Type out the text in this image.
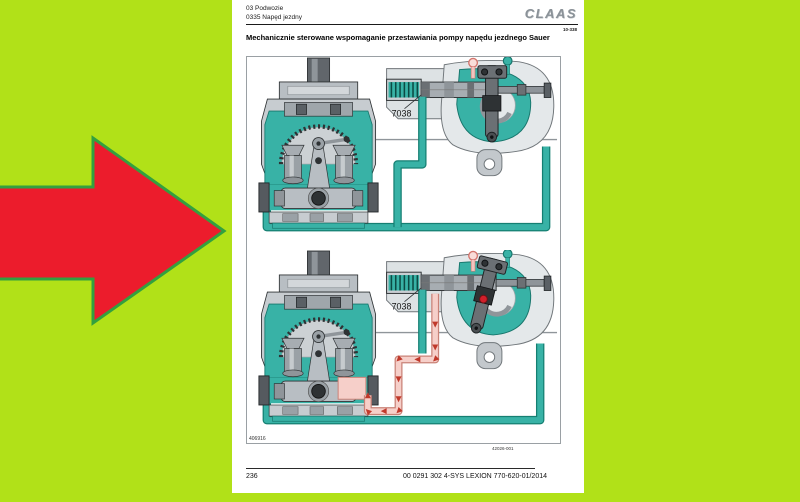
03 Podwozie
0335 Napęd jezdny	CLAAS
10-338
Mechanicznie sterowane wspomaganie przestawiania pompy napędu jezdnego Sauer
7038
7038
406916
42026-001
236	00 0291 302 4-SYS LEXION 770-620-01/2014
